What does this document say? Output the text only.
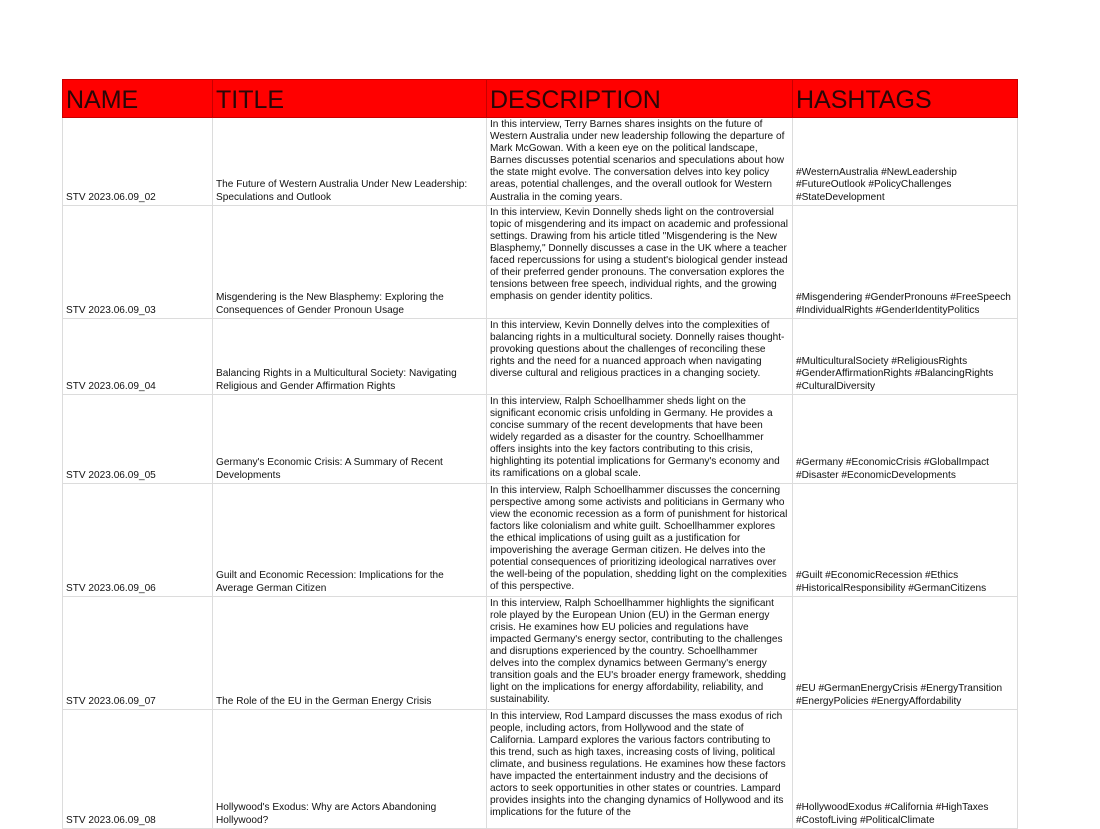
NAME	TITLE	DESCRIPTION	HASHTAGS
STV 2023.06.09_02	The Future of Western Australia Under New Leadership: Speculations and Outlook	In this interview, Terry Barnes shares insights on the future of Western Australia under new leadership following the departure of Mark McGowan. With a keen eye on the political landscape, Barnes discusses potential scenarios and speculations about how the state might evolve. The conversation delves into key policy areas, potential challenges, and the overall outlook for Western Australia in the coming years.	#WesternAustralia #NewLeadership #FutureOutlook #PolicyChallenges #StateDevelopment
STV 2023.06.09_03	Misgendering is the New Blasphemy: Exploring the Consequences of Gender Pronoun Usage	In this interview, Kevin Donnelly sheds light on the controversial topic of misgendering and its impact on academic and professional settings. Drawing from his article titled "Misgendering is the New Blasphemy," Donnelly discusses a case in the UK where a teacher faced repercussions for using a student's biological gender instead of their preferred gender pronouns. The conversation explores the tensions between free speech, individual rights, and the growing emphasis on gender identity politics.	#Misgendering #GenderPronouns #FreeSpeech #IndividualRights #GenderIdentityPolitics
STV 2023.06.09_04	Balancing Rights in a Multicultural Society: Navigating Religious and Gender Affirmation Rights	In this interview, Kevin Donnelly delves into the complexities of balancing rights in a multicultural society. Donnelly raises thought-provoking questions about the challenges of reconciling these rights and the need for a nuanced approach when navigating diverse cultural and religious practices in a changing society.	#MulticulturalSociety #ReligiousRights #GenderAffirmationRights #BalancingRights #CulturalDiversity
STV 2023.06.09_05	Germany's Economic Crisis: A Summary of Recent Developments	In this interview, Ralph Schoellhammer sheds light on the significant economic crisis unfolding in Germany. He provides a concise summary of the recent developments that have been widely regarded as a disaster for the country. Schoellhammer offers insights into the key factors contributing to this crisis, highlighting its potential implications for Germany's economy and its ramifications on a global scale.	#Germany #EconomicCrisis #GlobalImpact #Disaster #EconomicDevelopments
STV 2023.06.09_06	Guilt and Economic Recession: Implications for the Average German Citizen	In this interview, Ralph Schoellhammer discusses the concerning perspective among some activists and politicians in Germany who view the economic recession as a form of punishment for historical factors like colonialism and white guilt. Schoellhammer explores the ethical implications of using guilt as a justification for impoverishing the average German citizen. He delves into the potential consequences of prioritizing ideological narratives over the well-being of the population, shedding light on the complexities of this perspective.	#Guilt #EconomicRecession #Ethics #HistoricalResponsibility #GermanCitizens
STV 2023.06.09_07	The Role of the EU in the German Energy Crisis	In this interview, Ralph Schoellhammer highlights the significant role played by the European Union (EU) in the German energy crisis. He examines how EU policies and regulations have impacted Germany's energy sector, contributing to the challenges and disruptions experienced by the country. Schoellhammer delves into the complex dynamics between Germany's energy transition goals and the EU's broader energy framework, shedding light on the implications for energy affordability, reliability, and sustainability.	#EU #GermanEnergyCrisis #EnergyTransition #EnergyPolicies #EnergyAffordability
STV 2023.06.09_08	Hollywood's Exodus: Why are Actors Abandoning Hollywood?	In this interview, Rod Lampard discusses the mass exodus of rich people, including actors, from Hollywood and the state of California. Lampard explores the various factors contributing to this trend, such as high taxes, increasing costs of living, political climate, and business regulations. He examines how these factors have impacted the entertainment industry and the decisions of actors to seek opportunities in other states or countries. Lampard provides insights into the changing dynamics of Hollywood and its implications for the future of the	#HollywoodExodus #California #HighTaxes #CostofLiving #PoliticalClimate
